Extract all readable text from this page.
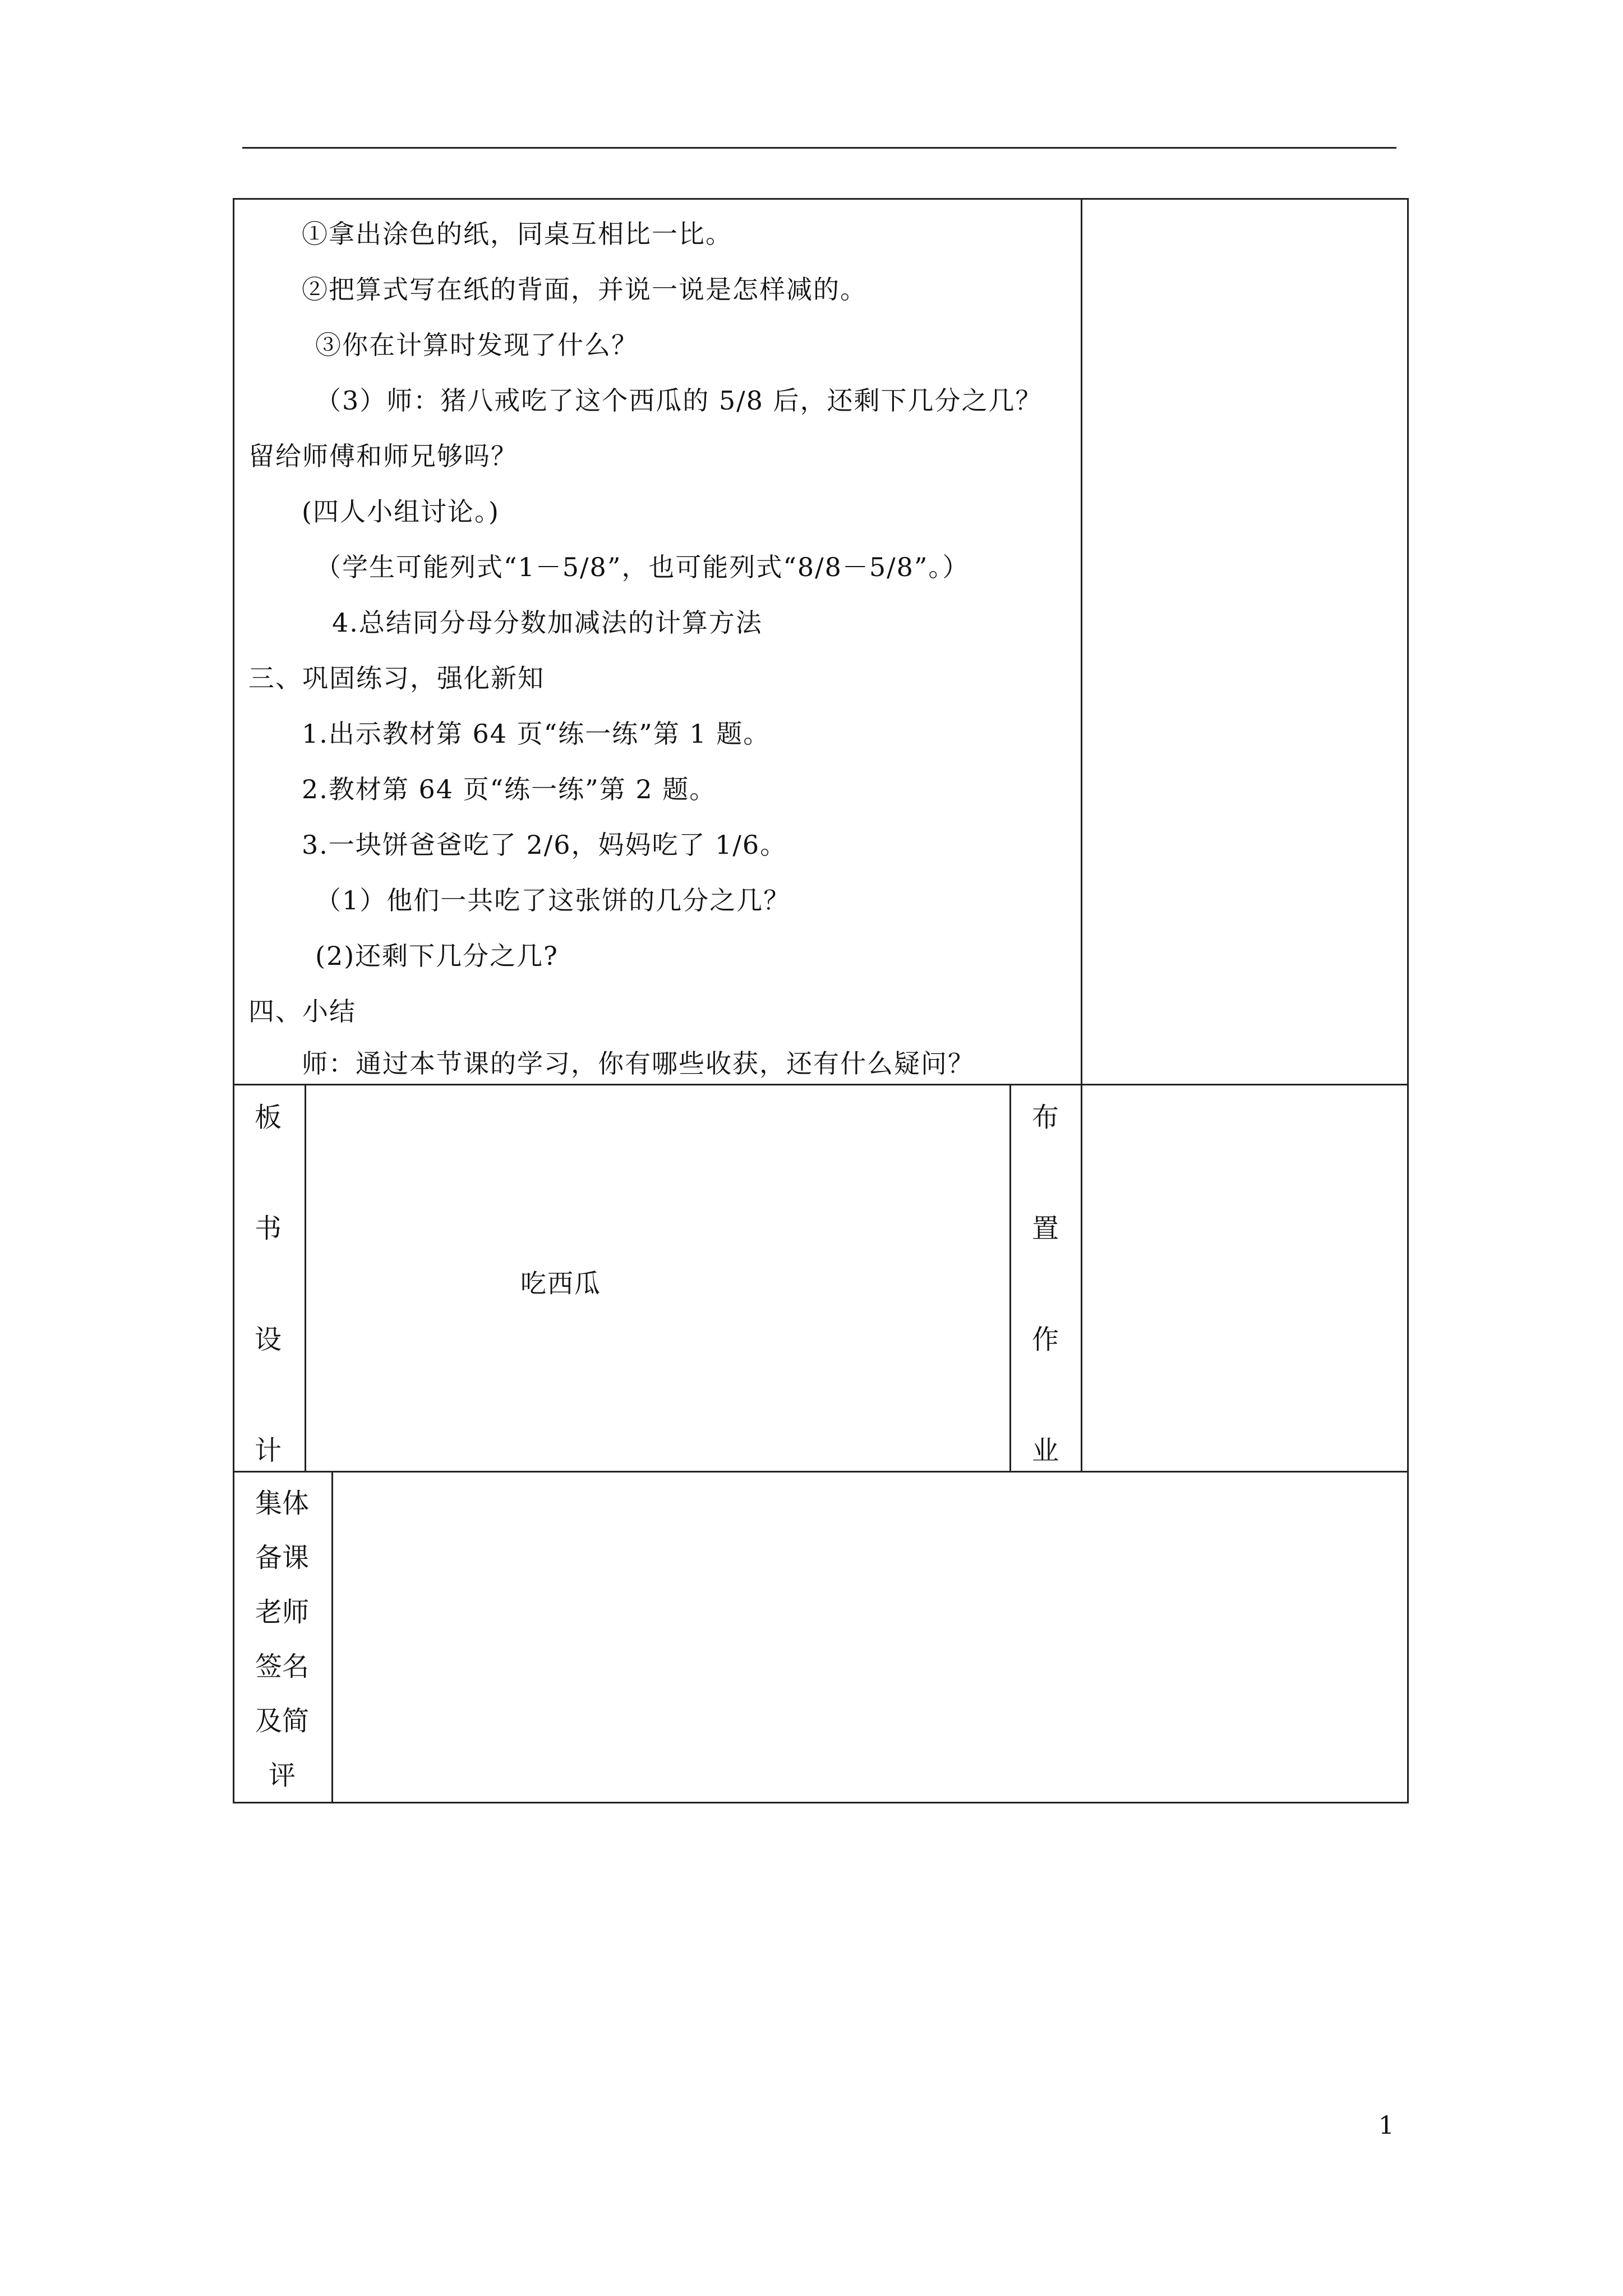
①拿出涂色的纸，同桌互相比一比。
②把算式写在纸的背面，并说一说是怎样减的。
③你在计算时发现了什么？
（3）师：猪八戒吃了这个西瓜的 5/8 后，还剩下几分之几？
留给师傅和师兄够吗？
(四人小组讨论。)
（学生可能列式“1－5/8”，也可能列式“8/8－5/8”。）
4.总结同分母分数加减法的计算方法
三、巩固练习，强化新知
1.出示教材第 64 页“练一练”第 1 题。
2.教材第 64 页“练一练”第 2 题。
3.一块饼爸爸吃了 2/6，妈妈吃了 1/6。
（1）他们一共吃了这张饼的几分之几？
(2)还剩下几分之几?
四、小结
师：通过本节课的学习，你有哪些收获，还有什么疑问？
板
书
设
计
吃西瓜
布
置
作
业
集体
备课
老师
签名
及简
评
1
